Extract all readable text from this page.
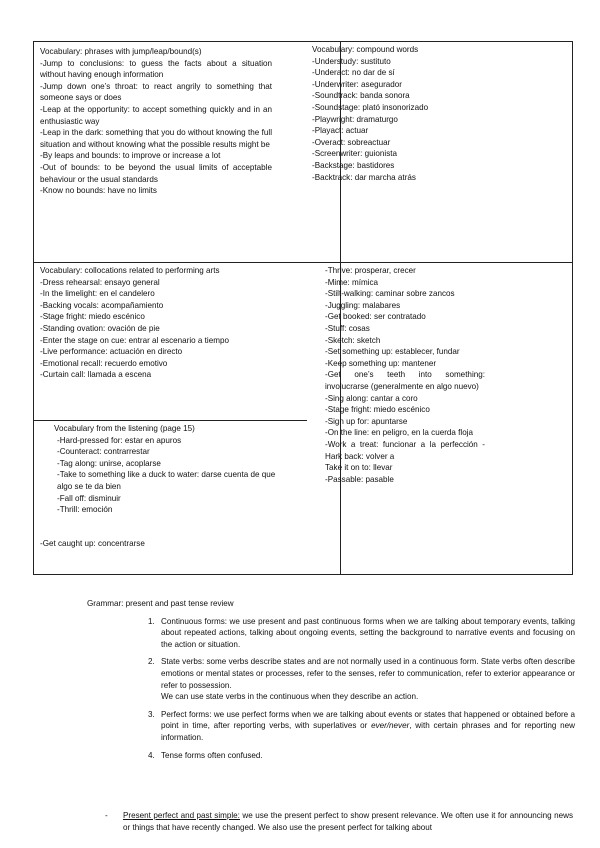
Vocabulary: phrases with jump/leap/bound(s)

-Jump to conclusions: to guess the facts about a situation without having enough information

-Jump down one’s throat: to react angrily to something that someone says or does

-Leap at the opportunity: to accept something quickly and in an enthusiastic way

-Leap in the dark: something that you do without knowing the full situation and without knowing what the possible results might be

-By leaps and bounds: to improve or increase a lot

-Out of bounds: to be beyond the usual limits of acceptable behaviour or the usual standards

-Know no bounds: have no limits

Vocabulary: compound words

-Understudy: sustituto

-Underact: no dar de sí

-Underwriter: asegurador

-Soundtrack: banda sonora

-Soundstage: plató insonorizado

-Playwright: dramaturgo

-Playact: actuar

-Overact: sobreactuar

-Screenwriter: guionista

-Backstage: bastidores

-Backtrack: dar marcha atrás

Vocabulary: collocations related to performing arts

-Dress rehearsal: ensayo general

-In the limelight: en el candelero

-Backing vocals: acompañamiento

-Stage fright: miedo escénico

-Standing ovation: ovación de pie

-Enter the stage on cue: entrar al escenario a tiempo

-Live performance: actuación en directo

-Emotional recall: recuerdo emotivo

-Curtain call: llamada a escena

Vocabulary from the listening (page 15)

-Hard-pressed for: estar en apuros

-Counteract: contrarrestar

-Tag along: unirse, acoplarse

-Take to something like a duck to water: darse cuenta de que algo se te da bien

-Fall off: disminuir

-Thrill: emoción

-Get caught up: concentrarse

-Thrive: prosperar, crecer

-Mime: mímica

-Stilt-walking: caminar sobre zancos

-Juggling: malabares

-Get booked: ser contratado

-Stuff: cosas

-Sketch: sketch

-Set something up: establecer, fundar

-Keep something up: mantener

-Get one’s teeth into something: involucrarse (generalmente en algo nuevo)

-Sing along: cantar a coro

-Stage fright: miedo escénico

-Sign up for: apuntarse

-On the line: en peligro, en la cuerda floja

-Work a treat: funcionar a la perfección -Hark back: volver a

Take it on to: llevar

-Passable: pasable

Grammar: present and past tense review

1. Continuous forms: we use present and past continuous forms when we are talking about temporary events, talking about repeated actions, talking about ongoing events, setting the background to narrative events and focusing on the action or situation.
2. State verbs: some verbs describe states and are not normally used in a continuous form. State verbs often describe emotions or mental states or processes, refer to the senses, refer to communication, refer to exterior appearance or refer to possession.
We can use state verbs in the continuous when they describe an action.
3. Perfect forms: we use perfect forms when we are talking about events or states that happened or obtained before a point in time, after reporting verbs, with superlatives or ever/never, with certain phrases and for reporting new information.
4. Tense forms often confused.
- Present perfect and past simple: we use the present perfect to show present relevance. We often use it for announcing news or things that have recently changed. We also use the present perfect for talking about
